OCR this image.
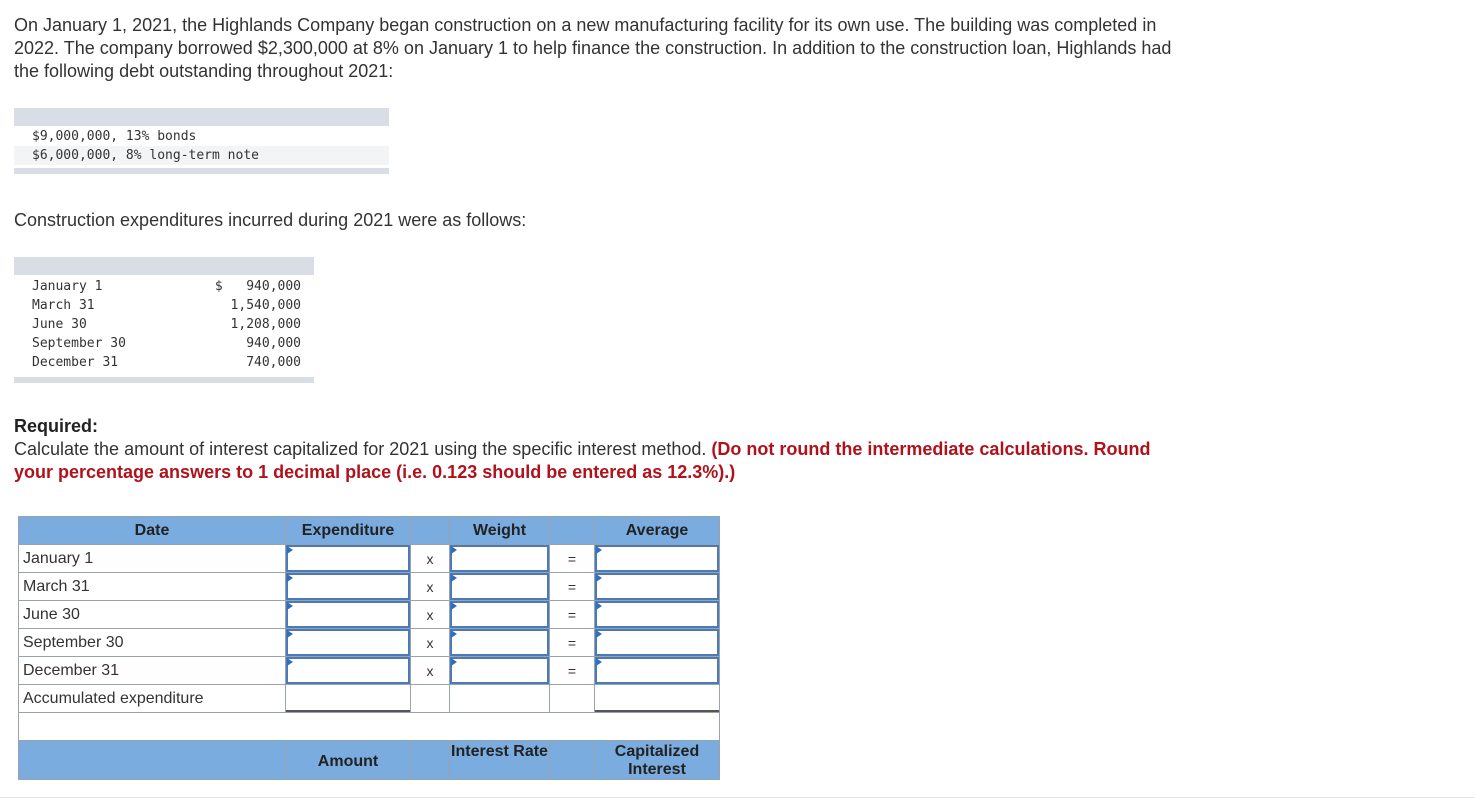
On January 1, 2021, the Highlands Company began construction on a new manufacturing facility for its own use. The building was completed in 2022. The company borrowed $2,300,000 at 8% on January 1 to help finance the construction. In addition to the construction loan, Highlands had the following debt outstanding throughout 2021:
$9,000,000, 13% bonds
$6,000,000, 8% long-term note
Construction expenditures incurred during 2021 were as follows:
January 1	$   940,000
March 31	1,540,000
June 30	1,208,000
September 30	940,000
December 31	740,000
Required:
Calculate the amount of interest capitalized for 2021 using the specific interest method. (Do not round the intermediate calculations. Round your percentage answers to 1 decimal place (i.e. 0.123 should be entered as 12.3%).)
Date	Expenditure		Weight		Average
January 1		x		=	

March 31		x		=	

June 30		x		=	

September 30		x		=	

December 31		x		=	

Accumulated expenditure	

	Amount		Interest Rate		Capitalized Interest
